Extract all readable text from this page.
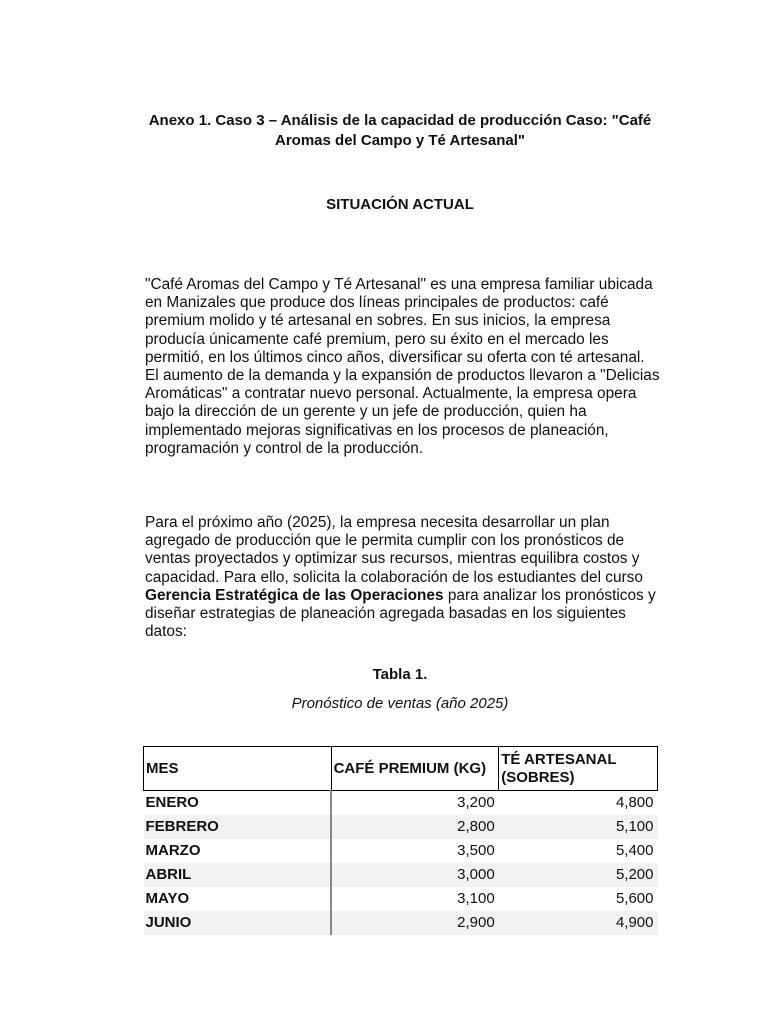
Anexo 1. Caso 3 – Análisis de la capacidad de producción Caso: "Café
Aromas del Campo y Té Artesanal"
SITUACIÓN ACTUAL
"Café Aromas del Campo y Té Artesanal" es una empresa familiar ubicada en Manizales que produce dos líneas principales de productos: café premium molido y té artesanal en sobres. En sus inicios, la empresa producía únicamente café premium, pero su éxito en el mercado les permitió, en los últimos cinco años, diversificar su oferta con té artesanal. El aumento de la demanda y la expansión de productos llevaron a "Delicias Aromáticas" a contratar nuevo personal. Actualmente, la empresa opera bajo la dirección de un gerente y un jefe de producción, quien ha implementado mejoras significativas en los procesos de planeación, programación y control de la producción.
Para el próximo año (2025), la empresa necesita desarrollar un plan agregado de producción que le permita cumplir con los pronósticos de ventas proyectados y optimizar sus recursos, mientras equilibra costos y capacidad. Para ello, solicita la colaboración de los estudiantes del curso Gerencia Estratégica de las Operaciones para analizar los pronósticos y diseñar estrategias de planeación agregada basadas en los siguientes datos:
Tabla 1.
Pronóstico de ventas (año 2025)
MES	CAFÉ PREMIUM (KG)	TÉ ARTESANAL (SOBRES)
ENERO	3,200	4,800
FEBRERO	2,800	5,100
MARZO	3,500	5,400
ABRIL	3,000	5,200
MAYO	3,100	5,600
JUNIO	2,900	4,900
